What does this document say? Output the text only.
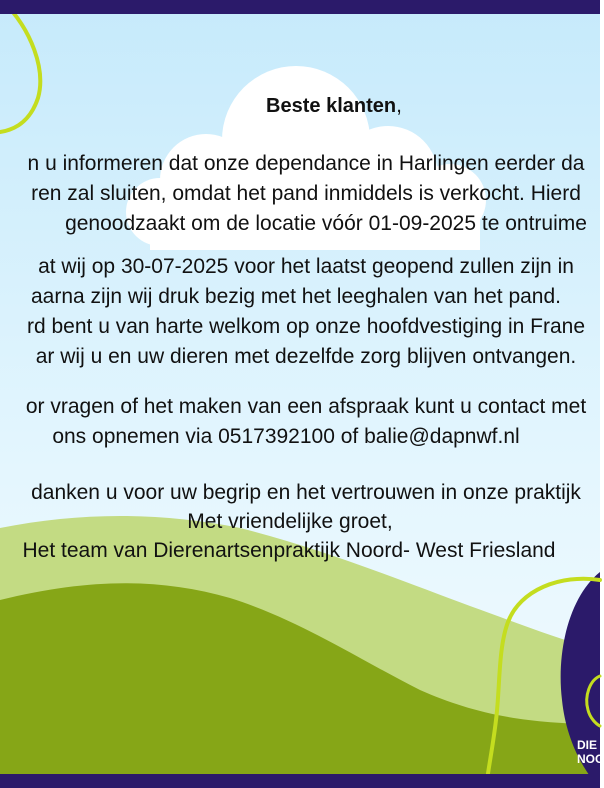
Beste klanten,
n u informeren dat onze dependance in Harlingen eerder da
ren zal sluiten, omdat het pand inmiddels is verkocht. Hierd
genoodzaakt om de locatie vóór 01-09-2025 te ontruime
at wij op 30-07-2025 voor het laatst geopend zullen zijn in
aarna zijn wij druk bezig met het leeghalen van het pand.
rd bent u van harte welkom op onze hoofdvestiging in Frane
ar wij u en uw dieren met dezelfde zorg blijven ontvangen.
or vragen of het maken van een afspraak kunt u contact met
ons opnemen via 0517392100 of balie@dapnwf.nl
danken u voor uw begrip en het vertrouwen in onze praktijk
Met vriendelijke groet,
Het team van Dierenartsenpraktijk Noord- West Friesland
DIE
NOO
